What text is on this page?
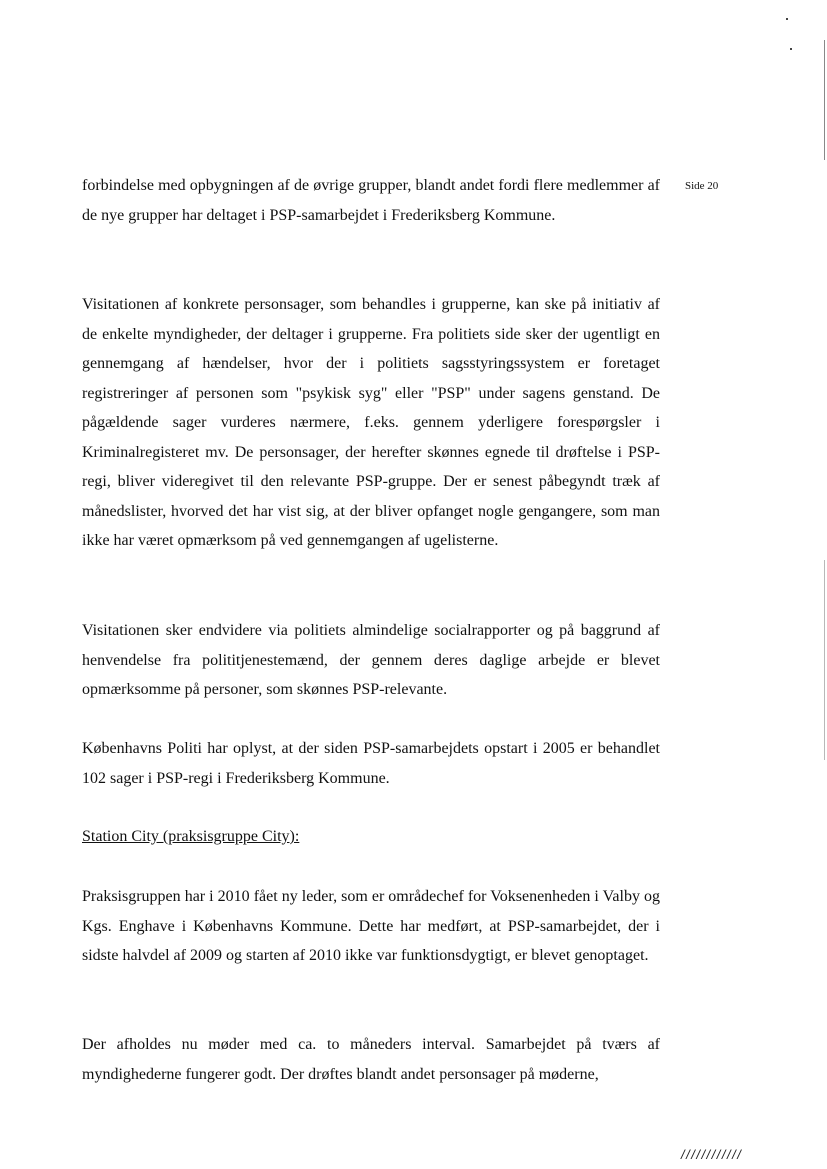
Side 20

forbindelse med opbygningen af de øvrige grupper, blandt andet fordi flere medlemmer af de nye grupper har deltaget i PSP-samarbejdet i Frederiksberg Kommune.

Visitationen af konkrete personsager, som behandles i grupperne, kan ske på initiativ af de enkelte myndigheder, der deltager i grupperne. Fra politiets side sker der ugentligt en gennemgang af hændelser, hvor der i politiets sagsstyringssystem er foretaget registreringer af personen som "psykisk syg" eller "PSP" under sagens genstand. De pågældende sager vurderes nærmere, f.eks. gennem yderligere forespørgsler i Kriminalregisteret mv. De personsager, der herefter skønnes egnede til drøftelse i PSP-regi, bliver videregivet til den relevante PSP-gruppe. Der er senest påbegyndt træk af månedslister, hvorved det har vist sig, at der bliver opfanget nogle gengangere, som man ikke har været opmærksom på ved gennemgangen af ugelisterne.

Visitationen sker endvidere via politiets almindelige socialrapporter og på baggrund af henvendelse fra polititjenestemænd, der gennem deres daglige arbejde er blevet opmærksomme på personer, som skønnes PSP-relevante.

Københavns Politi har oplyst, at der siden PSP-samarbejdets opstart i 2005 er behandlet 102 sager i PSP-regi i Frederiksberg Kommune.

Station City (praksisgruppe City):

Praksisgruppen har i 2010 fået ny leder, som er områdechef for Voksenenheden i Valby og Kgs. Enghave i Københavns Kommune. Dette har medført, at PSP-samarbejdet, der i sidste halvdel af 2009 og starten af 2010 ikke var funktionsdygtigt, er blevet genoptaget.

Der afholdes nu møder med ca. to måneders interval. Samarbejdet på tværs af myndighederne fungerer godt. Der drøftes blandt andet personsager på møderne,

////////////
